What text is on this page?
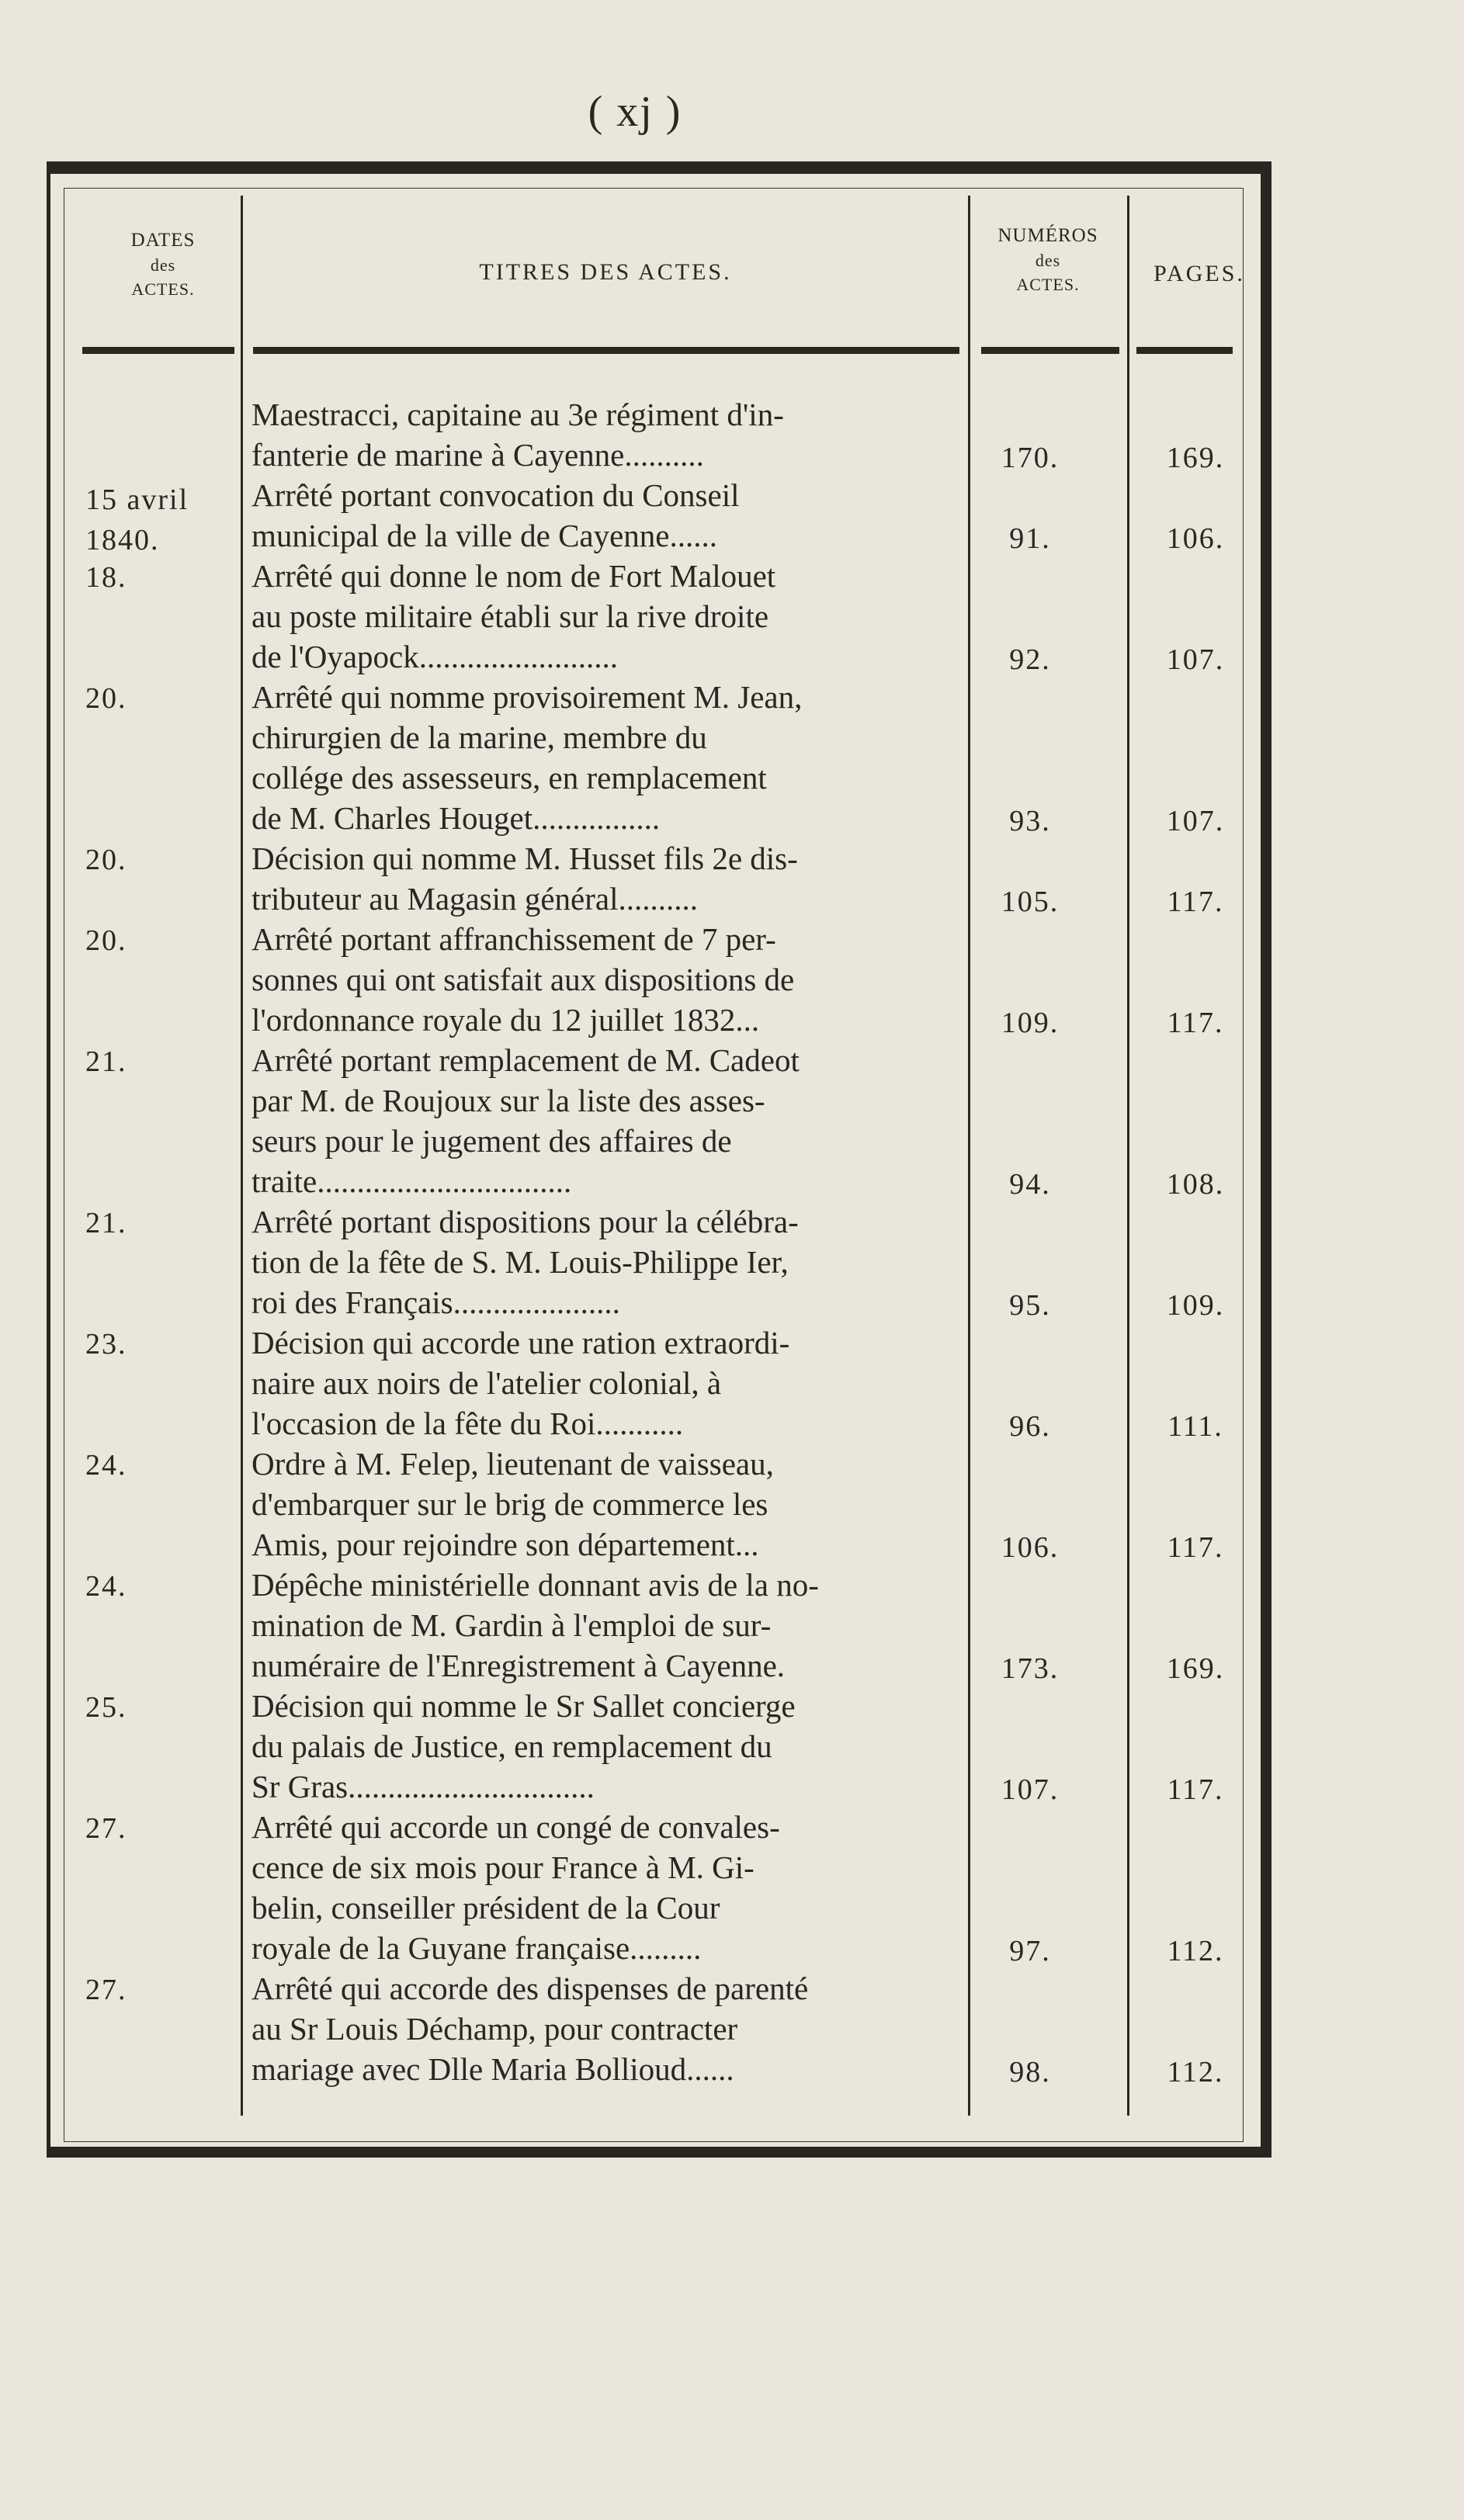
( xj )
DATES
des
ACTES.
TITRES DES ACTES.
NUMÉROS
des
ACTES.	PAGES.
Maestracci, capitaine au 3e régiment d'in-
fanterie de marine à Cayenne..........	170.	169.
15 avril 1840.
Arrêté portant convocation du Conseil
municipal de la ville de Cayenne......	91.	106.
18.	Arrêté qui donne le nom de Fort Malouet
au poste militaire établi sur la rive droite
de l'Oyapock.........................	92.	107.
20.	Arrêté qui nomme provisoirement M. Jean,
chirurgien de la marine, membre du
collége des assesseurs, en remplacement
de M. Charles Houget................	93.	107.
20.	Décision qui nomme M. Husset fils 2e dis-
tributeur au Magasin général..........	105.	117.
20.	Arrêté portant affranchissement de 7 per-
sonnes qui ont satisfait aux dispositions de
l'ordonnance royale du 12 juillet 1832...	109.	117.
21.	Arrêté portant remplacement de M. Cadeot
par M. de Roujoux sur la liste des asses-
seurs pour le jugement des affaires de
traite................................	94.	108.
21.	Arrêté portant dispositions pour la célébra-
tion de la fête de S. M. Louis-Philippe Ier,
roi des Français.....................	95.	109.
23.	Décision qui accorde une ration extraordi-
naire aux noirs de l'atelier colonial, à
l'occasion de la fête du Roi...........	96.	111.
24.	Ordre à M. Felep, lieutenant de vaisseau,
d'embarquer sur le brig de commerce les
Amis, pour rejoindre son département...	106.	117.
24.	Dépêche ministérielle donnant avis de la no-
mination de M. Gardin à l'emploi de sur-
numéraire de l'Enregistrement à Cayenne.	173.	169.
25.	Décision qui nomme le Sr Sallet concierge
du palais de Justice, en remplacement du
Sr Gras...............................	107.	117.
27.	Arrêté qui accorde un congé de convales-
cence de six mois pour France à M. Gi-
belin, conseiller président de la Cour
royale de la Guyane française.........	97.	112.
27.	Arrêté qui accorde des dispenses de parenté
au Sr Louis Déchamp, pour contracter
mariage avec Dlle Maria Bollioud......	98.	112.
